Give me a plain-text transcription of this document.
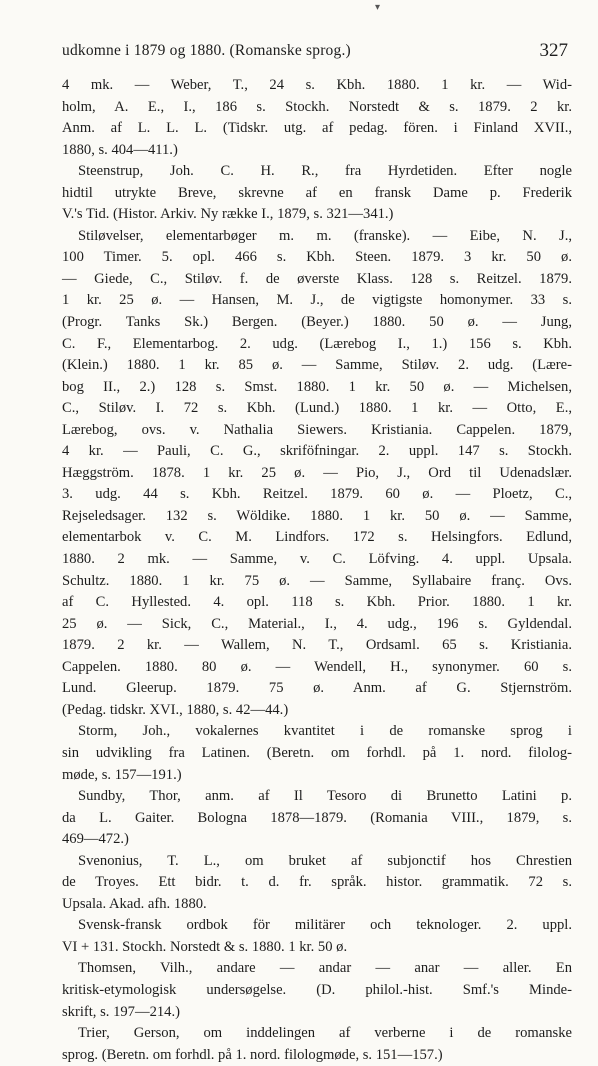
▾
udkomne i 1879 og 1880. (Romanske sprog.)	327
4 mk. — Weber, T., 24 s. Kbh. 1880. 1 kr. — Wid-
holm, A. E., I., 186 s. Stockh. Norstedt & s. 1879. 2 kr.
Anm. af L. L. L. (Tidskr. utg. af pedag. fören. i Finland XVII.,
1880, s. 404—411.)
Steenstrup, Joh. C. H. R., fra Hyrdetiden. Efter nogle
hidtil utrykte Breve, skrevne af en fransk Dame p. Frederik
V.'s Tid. (Histor. Arkiv. Ny række I., 1879, s. 321—341.)
Stiløvelser, elementarbøger m. m. (franske). — Eibe, N. J.,
100 Timer. 5. opl. 466 s. Kbh. Steen. 1879. 3 kr. 50 ø.
— Giede, C., Stiløv. f. de øverste Klass. 128 s. Reitzel. 1879.
1 kr. 25 ø. — Hansen, M. J., de vigtigste homonymer. 33 s.
(Progr. Tanks Sk.) Bergen. (Beyer.) 1880. 50 ø. — Jung,
C. F., Elementarbog. 2. udg. (Lærebog I., 1.) 156 s. Kbh.
(Klein.) 1880. 1 kr. 85 ø. — Samme, Stiløv. 2. udg. (Lære-
bog II., 2.) 128 s. Smst. 1880. 1 kr. 50 ø. — Michelsen,
C., Stiløv. I. 72 s. Kbh. (Lund.) 1880. 1 kr. — Otto, E.,
Lærebog, ovs. v. Nathalia Siewers. Kristiania. Cappelen. 1879,
4 kr. — Pauli, C. G., skriföfningar. 2. uppl. 147 s. Stockh.
Hæggström. 1878. 1 kr. 25 ø. — Pio, J., Ord til Udenadslær.
3. udg. 44 s. Kbh. Reitzel. 1879. 60 ø. — Ploetz, C.,
Rejseledsager. 132 s. Wöldike. 1880. 1 kr. 50 ø. — Samme,
elementarbok v. C. M. Lindfors. 172 s. Helsingfors. Edlund,
1880. 2 mk. — Samme, v. C. Löfving. 4. uppl. Upsala.
Schultz. 1880. 1 kr. 75 ø. — Samme, Syllabaire franç. Ovs.
af C. Hyllested. 4. opl. 118 s. Kbh. Prior. 1880. 1 kr.
25 ø. — Sick, C., Material., I., 4. udg., 196 s. Gyldendal.
1879. 2 kr. — Wallem, N. T., Ordsaml. 65 s. Kristiania.
Cappelen. 1880. 80 ø. — Wendell, H., synonymer. 60 s.
Lund. Gleerup. 1879. 75 ø. Anm. af G. Stjernström.
(Pedag. tidskr. XVI., 1880, s. 42—44.)
Storm, Joh., vokalernes kvantitet i de romanske sprog i
sin udvikling fra Latinen. (Beretn. om forhdl. på 1. nord. filolog-
møde, s. 157—191.)
Sundby, Thor, anm. af Il Tesoro di Brunetto Latini p.
da L. Gaiter. Bologna 1878—1879. (Romania VIII., 1879, s.
469—472.)
Svenonius, T. L., om bruket af subjonctif hos Chrestien
de Troyes. Ett bidr. t. d. fr. språk. histor. grammatik. 72 s.
Upsala. Akad. afh. 1880.
Svensk-fransk ordbok för militärer och teknologer. 2. uppl.
VI + 131. Stockh. Norstedt & s. 1880. 1 kr. 50 ø.
Thomsen, Vilh., andare — andar — anar — aller. En
kritisk-etymologisk undersøgelse. (D. philol.-hist. Smf.'s Minde-
skrift, s. 197—214.)
Trier, Gerson, om inddelingen af verberne i de romanske
sprog. (Beretn. om forhdl. på 1. nord. filologmøde, s. 151—157.)
